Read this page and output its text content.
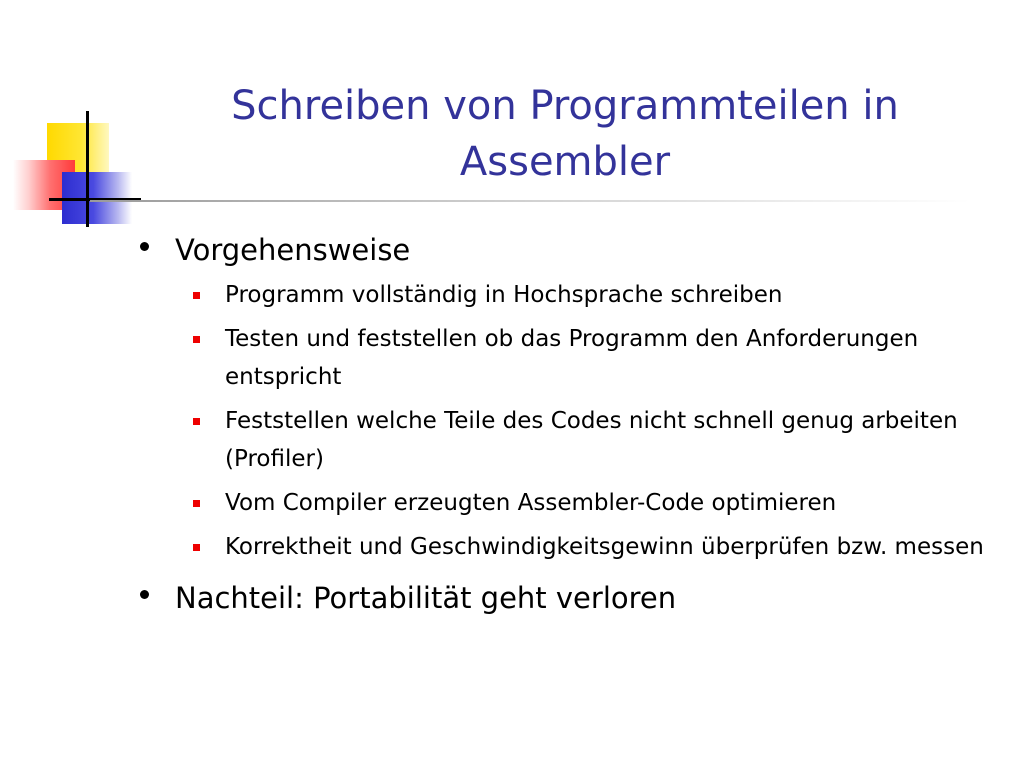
Schreiben von Programmteilen in Assembler
Vorgehensweise
Programm vollständig in Hochsprache schreiben
Testen und feststellen ob das Programm den Anforderungen entspricht
Feststellen welche Teile des Codes nicht schnell genug arbeiten (Profiler)
Vom Compiler erzeugten Assembler-Code optimieren
Korrektheit und Geschwindigkeitsgewinn überprüfen bzw. messen
Nachteil: Portabilität geht verloren
